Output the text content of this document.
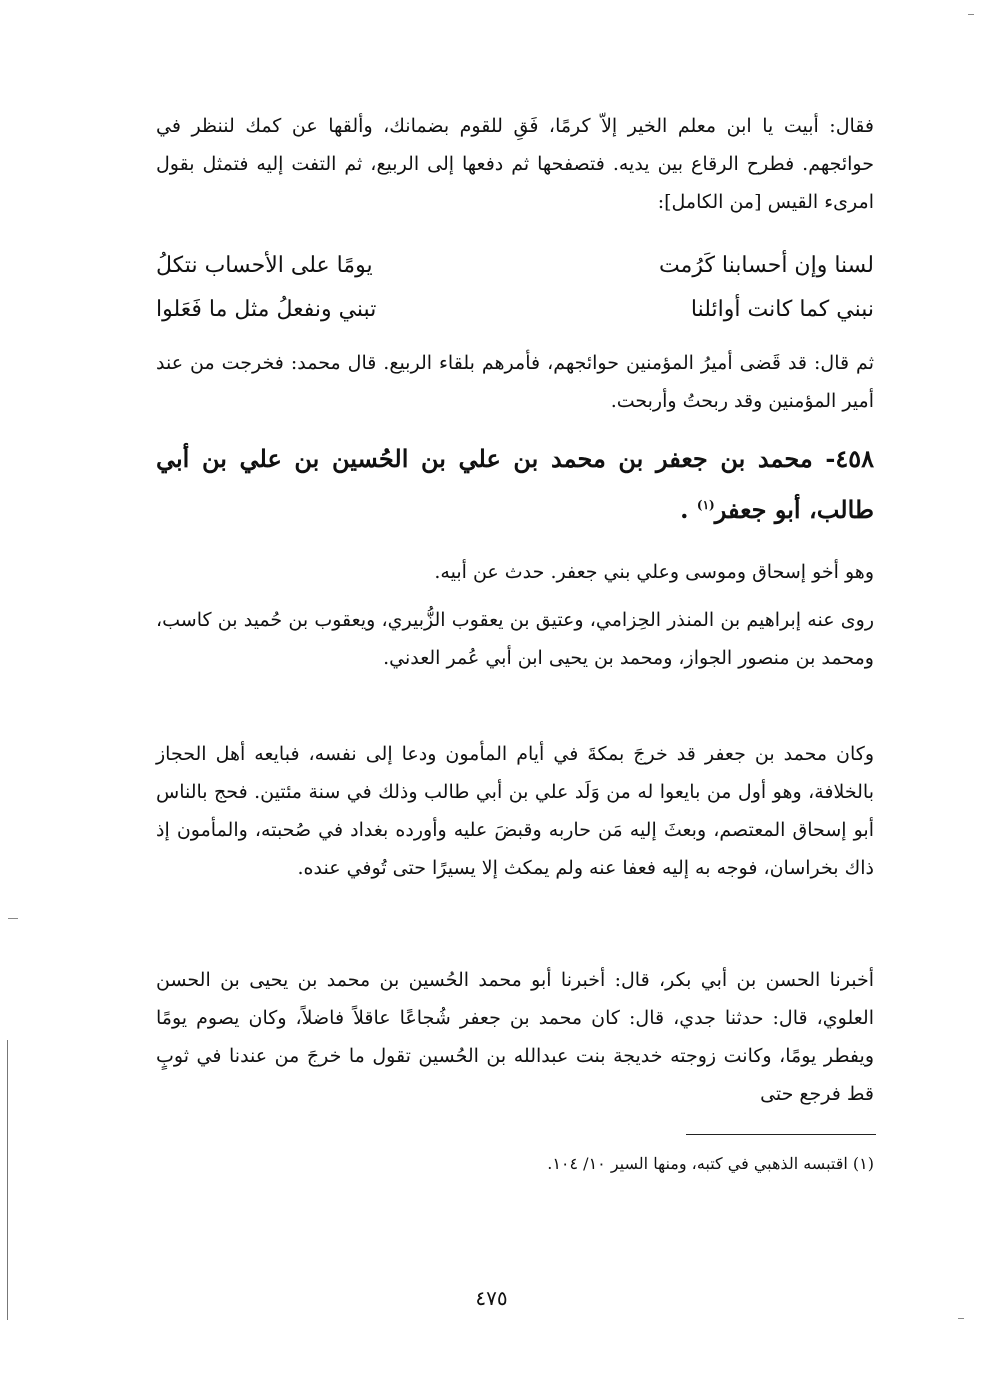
فقال: أبيت يا ابن معلم الخير إلاّ كرمًا، فَقِ للقوم بضمانك، وألقها عن كمك لننظر في حوائجهم. فطرح الرقاع بين يديه. فتصفحها ثم دفعها إلى الربيع، ثم التفت إليه فتمثل بقول امرىء القيس [من الكامل]:

لسنا وإن أحسابنا كَرُمت
يومًا على الأحساب نتكلُ
نبني كما كانت أوائلنا
تبني ونفعلُ مثل ما فَعَلوا

ثم قال: قد قَضى أميرُ المؤمنين حوائجهم، فأمرهم بلقاء الربيع. قال محمد: فخرجت من عند أمير المؤمنين وقد ربحتُ وأربحت.

٤٥٨- محمد بن جعفر بن محمد بن علي بن الحُسين بن علي بن أبي طالب، أبو جعفر$^{(١)}$ .

وهو أخو إسحاق وموسى وعلي بني جعفر. حدث عن أبيه.

روى عنه إبراهيم بن المنذر الحِزامي، وعتيق بن يعقوب الزُّبيري، ويعقوب بن حُميد بن كاسب، ومحمد بن منصور الجواز، ومحمد بن يحيى ابن أبي عُمر العدني.

وكان محمد بن جعفر قد خرجَ بمكةَ في أيام المأمون ودعا إلى نفسه، فبايعه أهل الحجاز بالخلافة، وهو أول من بايعوا له من وَلَد علي بن أبي طالب وذلك في سنة مئتين. فحج بالناس أبو إسحاق المعتصم، وبعثَ إليه مَن حاربه وقبضَ عليه وأورده بغداد في صُحبته، والمأمون إذ ذاك بخراسان، فوجه به إليه فعفا عنه ولم يمكث إلا يسيرًا حتى تُوفي عنده.

أخبرنا الحسن بن أبي بكر، قال: أخبرنا أبو محمد الحُسين بن محمد بن يحيى بن الحسن العلوي، قال: حدثنا جدي، قال: كان محمد بن جعفر شُجاعًا عاقلاً فاضلاً، وكان يصوم يومًا ويفطر يومًا، وكانت زوجته خديجة بنت عبدالله بن الحُسين تقول ما خرجَ من عندنا في ثوبٍ قط فرجع حتى

(١) اقتبسه الذهبي في كتبه، ومنها السير ١٠/ ١٠٤.
٤٧٥
